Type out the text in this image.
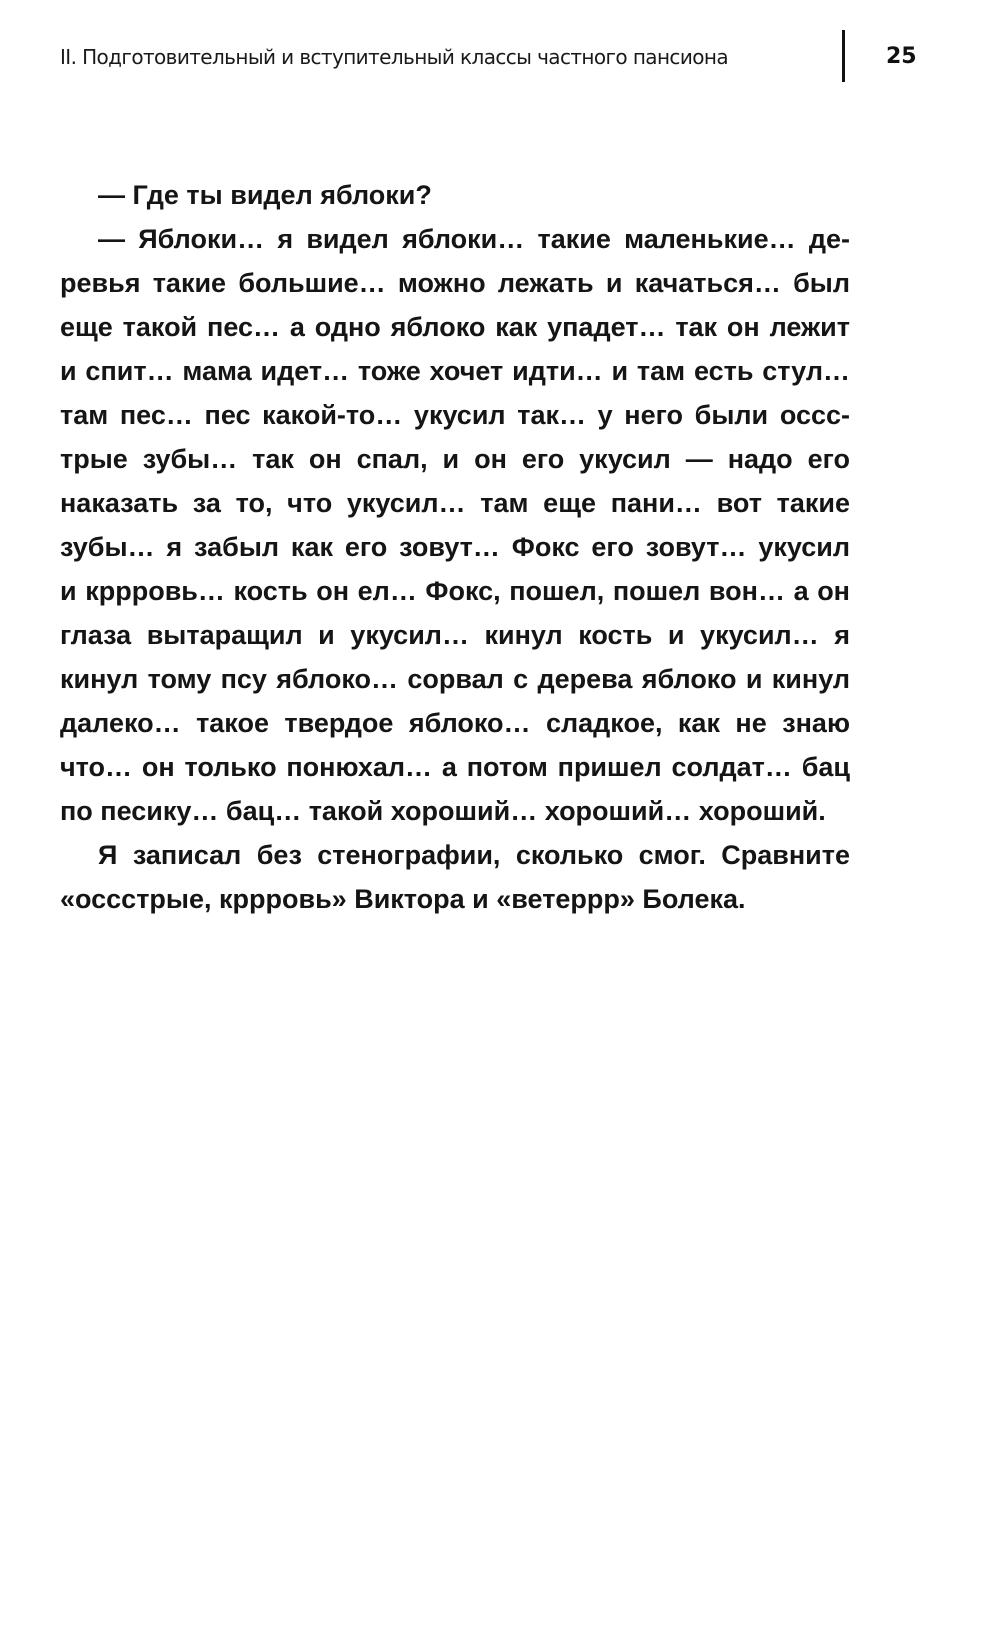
II. Подготовительный и вступительный классы частного пансиона	25
— Где ты видел яблоки?
— Яблоки… я видел яблоки… такие маленькие… де-
ревья такие большие… можно лежать и качаться… был
еще такой пес… а одно яблоко как упадет… так он лежит
и спит… мама идет… тоже хочет идти… и там есть стул…
там пес… пес какой-то… укусил так… у него были оссс-
трые зубы… так он спал, и он его укусил — надо его
наказать за то, что укусил… там еще пани… вот такие
зубы… я забыл как его зовут… Фокс его зовут… укусил
и кррровь… кость он ел… Фокс, пошел, пошел вон… а он
глаза вытаращил и укусил… кинул кость и укусил… я
кинул тому псу яблоко… сорвал с дерева яблоко и кинул
далеко… такое твердое яблоко… сладкое, как не знаю
что… он только понюхал… а потом пришел солдат… бац
по песику… бац… такой хороший… хороший… хороший.
Я записал без стенографии, сколько смог. Сравните
«оссстрые, кррровь» Виктора и «ветеррр» Болека.
